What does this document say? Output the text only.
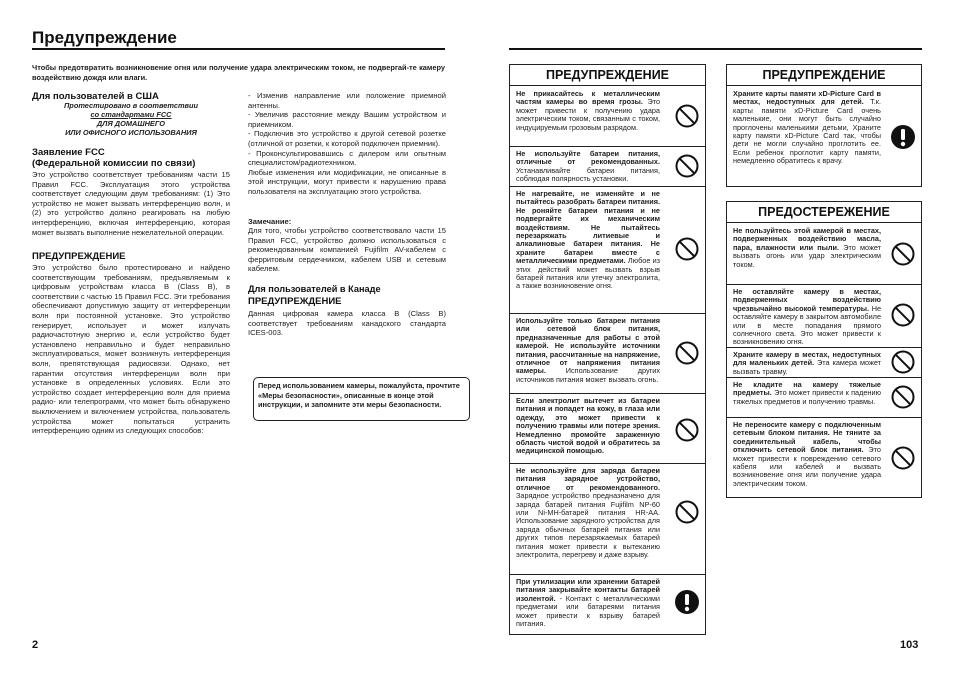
Предупреждение
Чтобы предотвратить возникновение огня или получение удара электрическим током, не подвергай-те камеру воздействию дождя или влаги.
Для пользователей в США
Протестировано в соответствии
со стандартами FCC
ДЛЯ ДОМАШНЕГО
ИЛИ ОФИСНОГО ИСПОЛЬЗОВАНИЯ
Заявление FCC
(Федеральной комиссии по связи)
Это устройство соответствует требованиям части 15 Правил FCC. Эксплуатация этого устройства соответствует следующим двум требованиям: (1) Это устройство не может вызвать интерференцию волн, и (2) это устройство должно реагировать на любую интерференцию, включая интерференцию, которая может вызвать выполнение нежелательной операции.
ПРЕДУПРЕЖДЕНИЕ
Это устройство было протестировано и найдено соответствующим требованиям, предъявляемым к цифровым устройствам класса B (Class B), в соответствии с частью 15 Правил FCC. Эти требования обеспечивают допустимую защиту от интерференции волн при постоянной установке. Это устройство генерирует, использует и может излучать радиочастотную энергию и, если устройство будет установлено неправильно и будет неправильно эксплуатироваться, может возникнуть интерференция волн, препятствующая радиосвязи. Однако, нет гарантии отсутствия интерференции волн при установке в определенных условиях. Если это устройство создает интерференцию волн для приема радио- или телепрограмм, что может быть обнаружено выключением и включением устройства, пользователь устройства может попытаться устранить интерференцию одним из следующих способов:
- Изменив направление или положение приемной антенны.
- Увеличив расстояние между Вашим устройством и приемником.
- Подключив это устройство к другой сетевой розетке (отличной от розетки, к которой подключен приемник).
- Проконсультировавшись с дилером или опытным специалистом/радиотехником.
Любые изменения или модификации, не описанные в этой инструкции, могут привести к нарушению права пользователя на эксплуатацию этого устройства.
Замечание:
Для того, чтобы устройство соответствовало части 15 Правил FCC, устройство должно использоваться с рекомендованным компанией Fujifilm AV-кабелем с ферритовым сердечником, кабелем USB и сетевым кабелем.
Для пользователей в Канаде
ПРЕДУПРЕЖДЕНИЕ
Данная цифровая камера класса B (Class B) соответствует требованиям канадского стандарта ICES-003.
Перед использованием камеры, пожалуйста, прочтите «Меры безопасности», описанные в конце этой инструкции, и запомните эти меры безопасности.
2
ПРЕДУПРЕЖДЕНИЕ
Не прикасайтесь к металлическим частям камеры во время грозы. Это может привести к получению удара электрическим током, связанным с током, индуцируемым грозовым разрядом.
Не используйте батареи питания, отличные от рекомендованных. Устанавливайте батареи питания, соблюдая полярность установки.
Не нагревайте, не изменяйте и не пытайтесь разобрать батареи питания. Не роняйте батареи питания и не подвергайте их механическим воздействиям. Не пытайтесь перезаряжать литиевые и алкалиновые батареи питания. Не храните батареи вместе с металлическими предметами. Любое из этих действий может вызвать взрыв батарей питания или утечку электролита, а также возникновение огня.
Используйте только батареи питания или сетевой блок питания, предназначенные для работы с этой камерой. Не используйте источники питания, рассчитанные на напряжение, отличное от напряжения питания камеры.	Использование других источников питания может вызвать огонь.
Если электролит вытечет из батареи питания и попадет на кожу, в глаза или одежду, это может привести к получению травмы или потере зрения. Немедленно промойте зараженную область чистой водой и обратитесь за медицинской помощью.
Не используйте для заряда батареи питания зарядное устройство, отличное от рекомендованного. Зарядное устройство предназначено для заряда батарей питания Fujifilm NP-60 или Ni-MH-батарей питания HR-AA. Использование зарядного устройства для заряда обычных батарей питания или других типов перезаряжаемых батарей питания может привести к вытеканию электролита, перегреву и даже взрыву.
При утилизации или хранении батарей питания закрывайте контакты батарей изолентой. - Контакт с металлическими предметами или батареями питания может привести к взрыву батарей питания.
ПРЕДУПРЕЖДЕНИЕ
Храните карты памяти xD-Picture Card в местах, недоступных для детей. Т.к. карты памяти xD-Picture Card очень маленькие, они могут быть случайно проглочены маленькими детьми, Храните карту памяти xD-Picture Card так, чтобы дети не могли случайно проглотить ее. Если ребенок проглотит карту памяти, немедленно обратитесь к врачу.
ПРЕДОСТЕРЕЖЕНИЕ
Не пользуйтесь этой камерой в местах, подверженных воздействию масла, пара, влажности или пыли. Это может вызвать огонь или удар электрическим током.
Не оставляйте камеру в местах, подверженных воздействию чрезвычайно высокой температуры. Не оставляйте камеру в закрытом автомобиле или в месте попадания прямого солнечного света. Это может привести к возникновению огня.
Храните камеру в местах, недоступных для маленьких детей. Эта камера может вызвать травму.
Не кладите на камеру тяжелые предметы. Это может привести к падению тяжелых предметов и получению травмы.
Не переносите камеру с подключенным сетевым блоком питания. Не тяните за соединительный кабель, чтобы отключить сетевой блок питания. Это может привести к повреждению сетевого кабеля или кабелей и вызвать возникновение огня или получение удара электрическим током.
103
